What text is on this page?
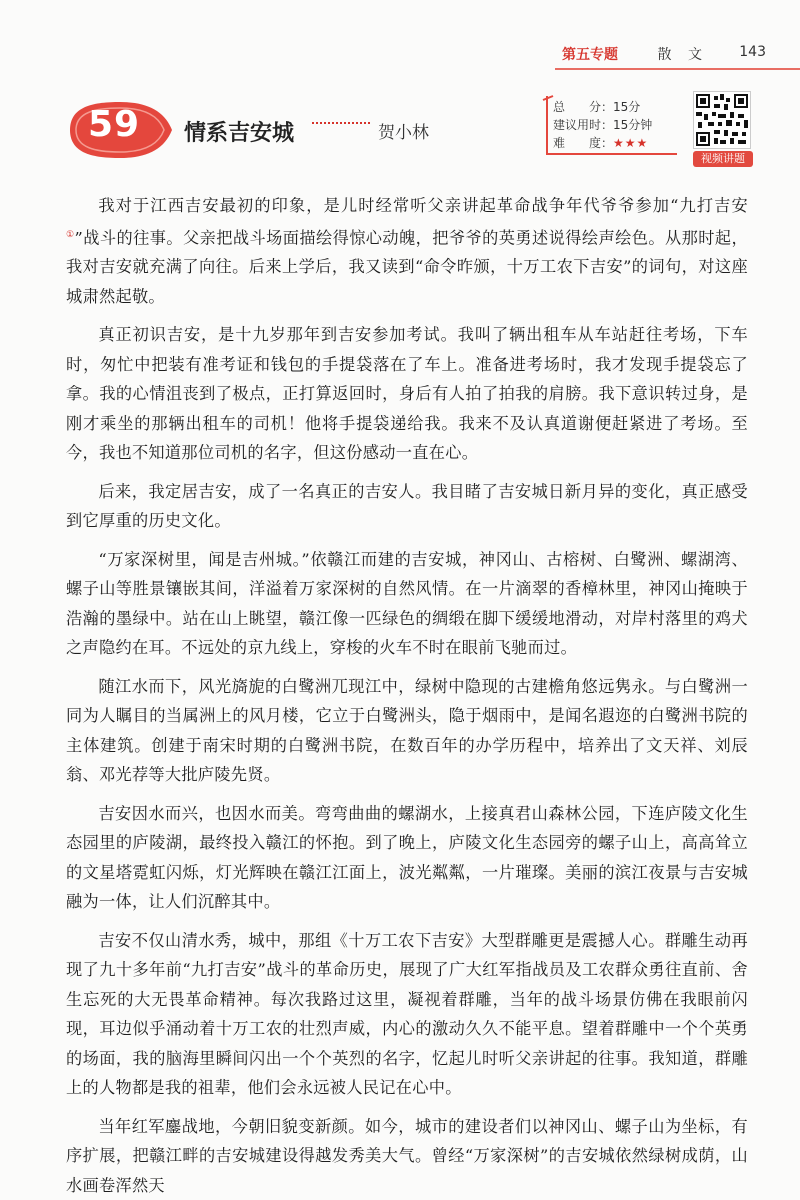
第五专题	散 文 143
59 情系吉安城	贺小林
总　　分：15分
建议用时：15分钟
难　　度：★★★
视频讲题

我对于江西吉安最初的印象，是儿时经常听父亲讲起革命战争年代爷爷参加“九打吉安①”战斗的往事。父亲把战斗场面描绘得惊心动魄，把爷爷的英勇述说得绘声绘色。从那时起，我对吉安就充满了向往。后来上学后，我又读到“命令昨颁，十万工农下吉安”的词句，对这座城肃然起敬。

真正初识吉安，是十九岁那年到吉安参加考试。我叫了辆出租车从车站赶往考场，下车时，匆忙中把装有准考证和钱包的手提袋落在了车上。准备进考场时，我才发现手提袋忘了拿。我的心情沮丧到了极点，正打算返回时，身后有人拍了拍我的肩膀。我下意识转过身，是刚才乘坐的那辆出租车的司机！他将手提袋递给我。我来不及认真道谢便赶紧进了考场。至今，我也不知道那位司机的名字，但这份感动一直在心。

后来，我定居吉安，成了一名真正的吉安人。我目睹了吉安城日新月异的变化，真正感受到它厚重的历史文化。

“万家深树里，闻是吉州城。”依赣江而建的吉安城，神冈山、古榕树、白鹭洲、螺湖湾、螺子山等胜景镶嵌其间，洋溢着万家深树的自然风情。在一片滴翠的香樟林里，神冈山掩映于浩瀚的墨绿中。站在山上眺望，赣江像一匹绿色的绸缎在脚下缓缓地滑动，对岸村落里的鸡犬之声隐约在耳。不远处的京九线上，穿梭的火车不时在眼前飞驰而过。

随江水而下，风光旖旎的白鹭洲兀现江中，绿树中隐现的古建檐角悠远隽永。与白鹭洲一同为人瞩目的当属洲上的风月楼，它立于白鹭洲头，隐于烟雨中，是闻名遐迩的白鹭洲书院的主体建筑。创建于南宋时期的白鹭洲书院，在数百年的办学历程中，培养出了文天祥、刘辰翁、邓光荐等大批庐陵先贤。

吉安因水而兴，也因水而美。弯弯曲曲的螺湖水，上接真君山森林公园，下连庐陵文化生态园里的庐陵湖，最终投入赣江的怀抱。到了晚上，庐陵文化生态园旁的螺子山上，高高耸立的文星塔霓虹闪烁，灯光辉映在赣江江面上，波光粼粼，一片璀璨。美丽的滨江夜景与吉安城融为一体，让人们沉醉其中。

吉安不仅山清水秀，城中，那组《十万工农下吉安》大型群雕更是震撼人心。群雕生动再现了九十多年前“九打吉安”战斗的革命历史，展现了广大红军指战员及工农群众勇往直前、舍生忘死的大无畏革命精神。每次我路过这里，凝视着群雕，当年的战斗场景仿佛在我眼前闪现，耳边似乎涌动着十万工农的壮烈声威，内心的激动久久不能平息。望着群雕中一个个英勇的场面，我的脑海里瞬间闪出一个个英烈的名字，忆起儿时听父亲讲起的往事。我知道，群雕上的人物都是我的祖辈，他们会永远被人民记在心中。

当年红军鏖战地，今朝旧貌变新颜。如今，城市的建设者们以神冈山、螺子山为坐标，有序扩展，把赣江畔的吉安城建设得越发秀美大气。曾经“万家深树”的吉安城依然绿树成荫，山水画卷浑然天
